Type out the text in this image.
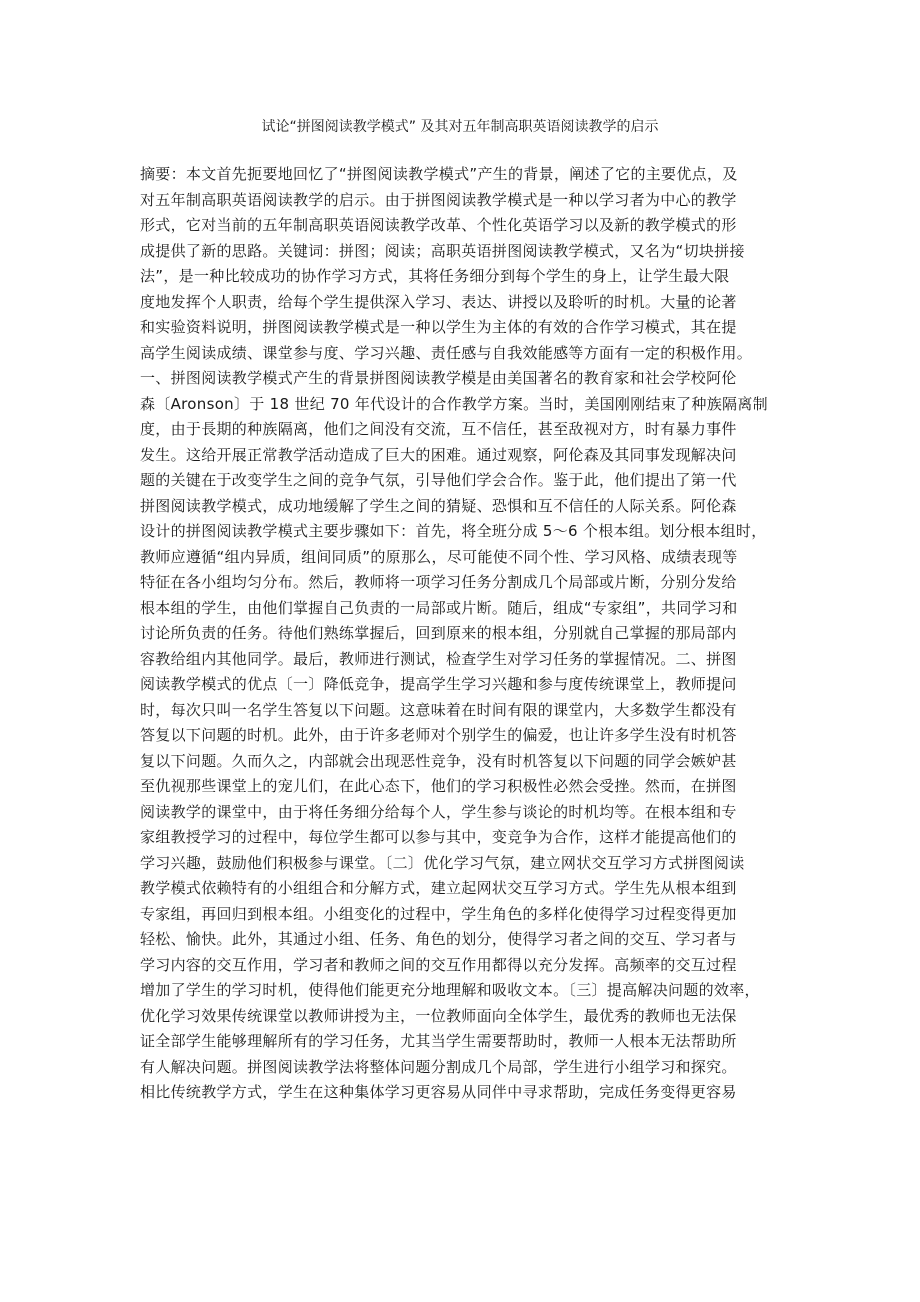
试论“拼图阅读教学模式” 及其对五年制高职英语阅读教学的启示
摘要：本文首先扼要地回忆了“拼图阅读教学模式”产生的背景，阐述了它的主要优点，及
对五年制高职英语阅读教学的启示。由于拼图阅读教学模式是一种以学习者为中心的教学
形式，它对当前的五年制高职英语阅读教学改革、个性化英语学习以及新的教学模式的形
成提供了新的思路。关键词：拼图；阅读；高职英语拼图阅读教学模式，又名为“切块拼接
法”，是一种比较成功的协作学习方式，其将任务细分到每个学生的身上，让学生最大限
度地发挥个人职责，给每个学生提供深入学习、表达、讲授以及聆听的时机。大量的论著
和实验资料说明，拼图阅读教学模式是一种以学生为主体的有效的合作学习模式，其在提
高学生阅读成绩、课堂参与度、学习兴趣、责任感与自我效能感等方面有一定的积极作用。
一、拼图阅读教学模式产生的背景拼图阅读教学模是由美国著名的教育家和社会学校阿伦
森〔Aronson〕于 18 世纪 70 年代设计的合作教学方案。当时，美国刚刚结束了种族隔离制
度，由于長期的种族隔离，他们之间没有交流，互不信任，甚至敌视对方，时有暴力事件
发生。这给开展正常教学活动造成了巨大的困难。通过观察，阿伦森及其同事发现解决问
题的关键在于改变学生之间的竞争气氛，引导他们学会合作。鉴于此，他们提出了第一代
拼图阅读教学模式，成功地缓解了学生之间的猜疑、恐惧和互不信任的人际关系。阿伦森
设计的拼图阅读教学模式主要步骤如下：首先，将全班分成 5～6 个根本组。划分根本组时，
教师应遵循“组内异质，组间同质”的原那么，尽可能使不同个性、学习风格、成绩表现等
特征在各小组均匀分布。然后，教师将一项学习任务分割成几个局部或片断，分别分发给
根本组的学生，由他们掌握自己负责的一局部或片断。随后，组成“专家组”，共同学习和
讨论所负责的任务。待他们熟练掌握后，回到原来的根本组，分别就自己掌握的那局部内
容教给组内其他同学。最后，教师进行测试，检查学生对学习任务的掌握情况。二、拼图
阅读教学模式的优点〔一〕降低竞争，提高学生学习兴趣和参与度传统课堂上，教师提问
时，每次只叫一名学生答复以下问题。这意味着在时间有限的课堂内，大多数学生都没有
答复以下问题的时机。此外，由于许多老师对个别学生的偏爱，也让许多学生没有时机答
复以下问题。久而久之，内部就会出现恶性竞争，没有时机答复以下问题的同学会嫉妒甚
至仇视那些课堂上的宠儿们，在此心态下，他们的学习积极性必然会受挫。然而，在拼图
阅读教学的课堂中，由于将任务细分给每个人，学生参与谈论的时机均等。在根本组和专
家组教授学习的过程中，每位学生都可以参与其中，变竞争为合作，这样才能提高他们的
学习兴趣，鼓励他们积极参与课堂。〔二〕优化学习气氛，建立网状交互学习方式拼图阅读
教学模式依赖特有的小组组合和分解方式，建立起网状交互学习方式。学生先从根本组到
专家组，再回归到根本组。小组变化的过程中，学生角色的多样化使得学习过程变得更加
轻松、愉快。此外，其通过小组、任务、角色的划分，使得学习者之间的交互、学习者与
学习内容的交互作用，学习者和教师之间的交互作用都得以充分发挥。高频率的交互过程
增加了学生的学习时机，使得他们能更充分地理解和吸收文本。〔三〕提高解决问题的效率，
优化学习效果传统课堂以教师讲授为主，一位教师面向全体学生，最优秀的教师也无法保
证全部学生能够理解所有的学习任务，尤其当学生需要帮助时，教师一人根本无法帮助所
有人解决问题。拼图阅读教学法将整体问题分割成几个局部，学生进行小组学习和探究。
相比传统教学方式，学生在这种集体学习更容易从同伴中寻求帮助，完成任务变得更容易
